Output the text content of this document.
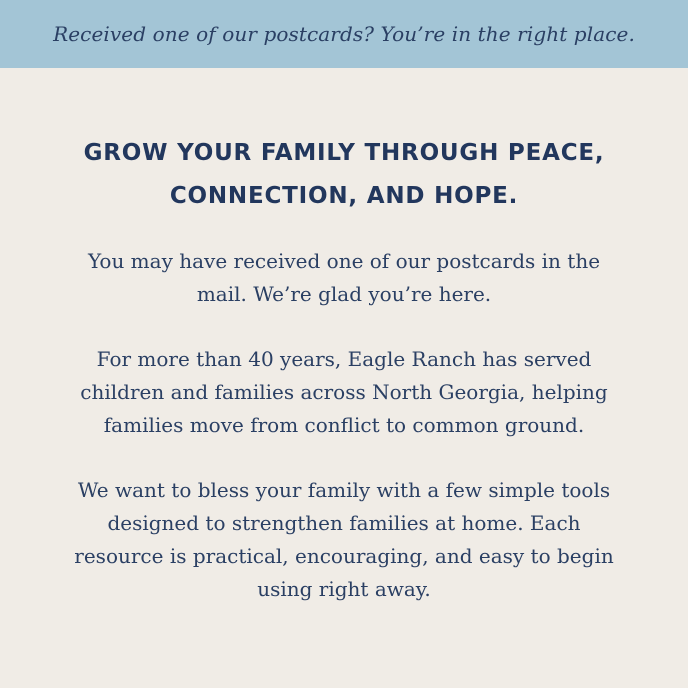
Received one of our postcards? You’re in the right place.
GROW YOUR FAMILY THROUGH PEACE, CONNECTION, AND HOPE.

You may have received one of our postcards in the mail. We’re glad you’re here.

For more than 40 years, Eagle Ranch has served children and families across North Georgia, helping families move from conflict to common ground.

We want to bless your family with a few simple tools designed to strengthen families at home. Each resource is practical, encouraging, and easy to begin using right away.
